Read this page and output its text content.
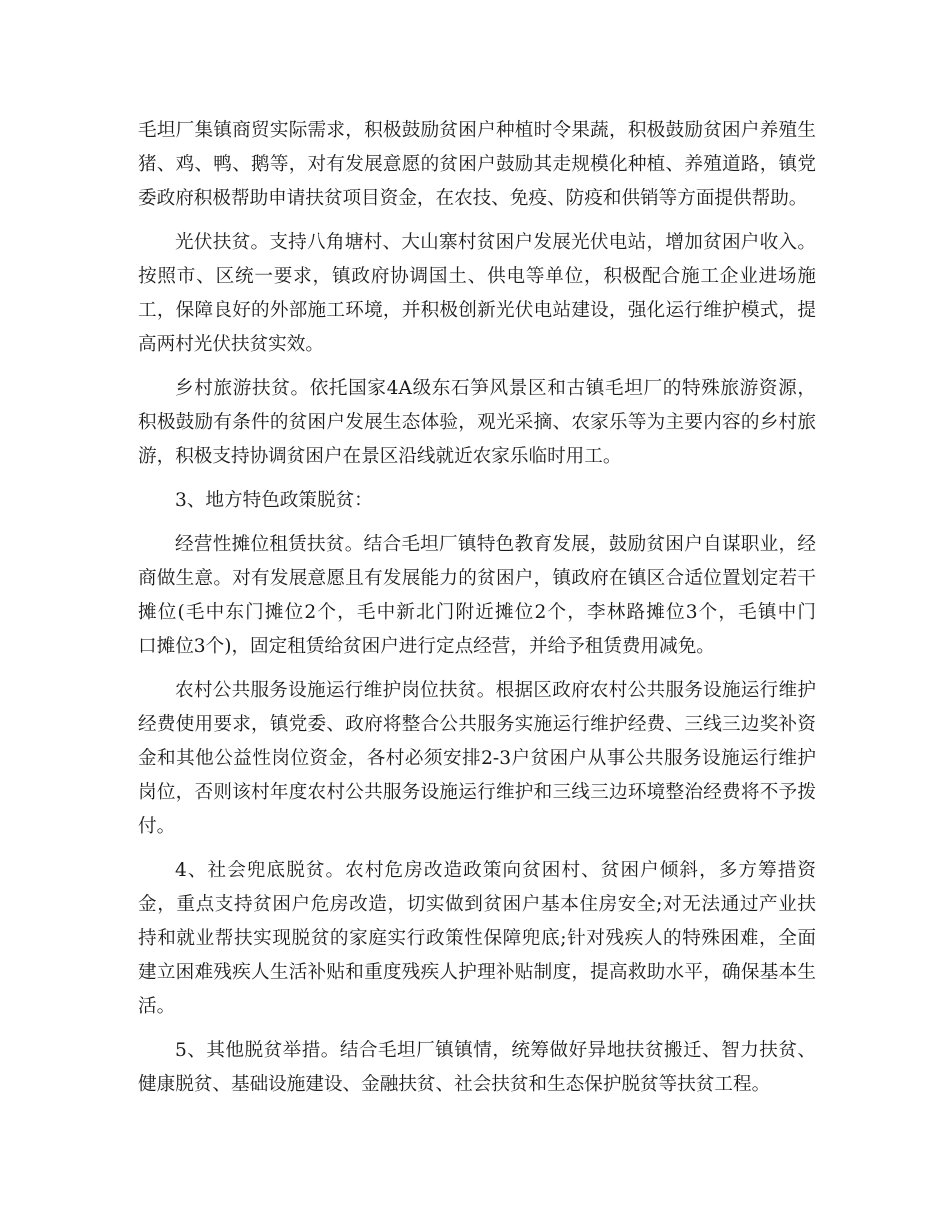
毛坦厂集镇商贸实际需求，积极鼓励贫困户种植时令果蔬，积极鼓励贫困户养殖生
猪、鸡、鸭、鹅等，对有发展意愿的贫困户鼓励其走规模化种植、养殖道路，镇党
委政府积极帮助申请扶贫项目资金，在农技、免疫、防疫和供销等方面提供帮助。
光伏扶贫。支持八角塘村、大山寨村贫困户发展光伏电站，增加贫困户收入。
按照市、区统一要求，镇政府协调国土、供电等单位，积极配合施工企业进场施
工，保障良好的外部施工环境，并积极创新光伏电站建设，强化运行维护模式，提
高两村光伏扶贫实效。
乡村旅游扶贫。依托国家4A级东石笋风景区和古镇毛坦厂的特殊旅游资源，
积极鼓励有条件的贫困户发展生态体验，观光采摘、农家乐等为主要内容的乡村旅
游，积极支持协调贫困户在景区沿线就近农家乐临时用工。
3、地方特色政策脱贫：
经营性摊位租赁扶贫。结合毛坦厂镇特色教育发展，鼓励贫困户自谋职业，经
商做生意。对有发展意愿且有发展能力的贫困户，镇政府在镇区合适位置划定若干
摊位(毛中东门摊位2个，毛中新北门附近摊位2个，李林路摊位3个，毛镇中门
口摊位3个)，固定租赁给贫困户进行定点经营，并给予租赁费用减免。
农村公共服务设施运行维护岗位扶贫。根据区政府农村公共服务设施运行维护
经费使用要求，镇党委、政府将整合公共服务实施运行维护经费、三线三边奖补资
金和其他公益性岗位资金，各村必须安排2-3户贫困户从事公共服务设施运行维护
岗位，否则该村年度农村公共服务设施运行维护和三线三边环境整治经费将不予拨
付。
4、社会兜底脱贫。农村危房改造政策向贫困村、贫困户倾斜，多方筹措资
金，重点支持贫困户危房改造，切实做到贫困户基本住房安全;对无法通过产业扶
持和就业帮扶实现脱贫的家庭实行政策性保障兜底;针对残疾人的特殊困难，全面
建立困难残疾人生活补贴和重度残疾人护理补贴制度，提高救助水平，确保基本生
活。
5、其他脱贫举措。结合毛坦厂镇镇情，统筹做好异地扶贫搬迁、智力扶贫、
健康脱贫、基础设施建设、金融扶贫、社会扶贫和生态保护脱贫等扶贫工程。
